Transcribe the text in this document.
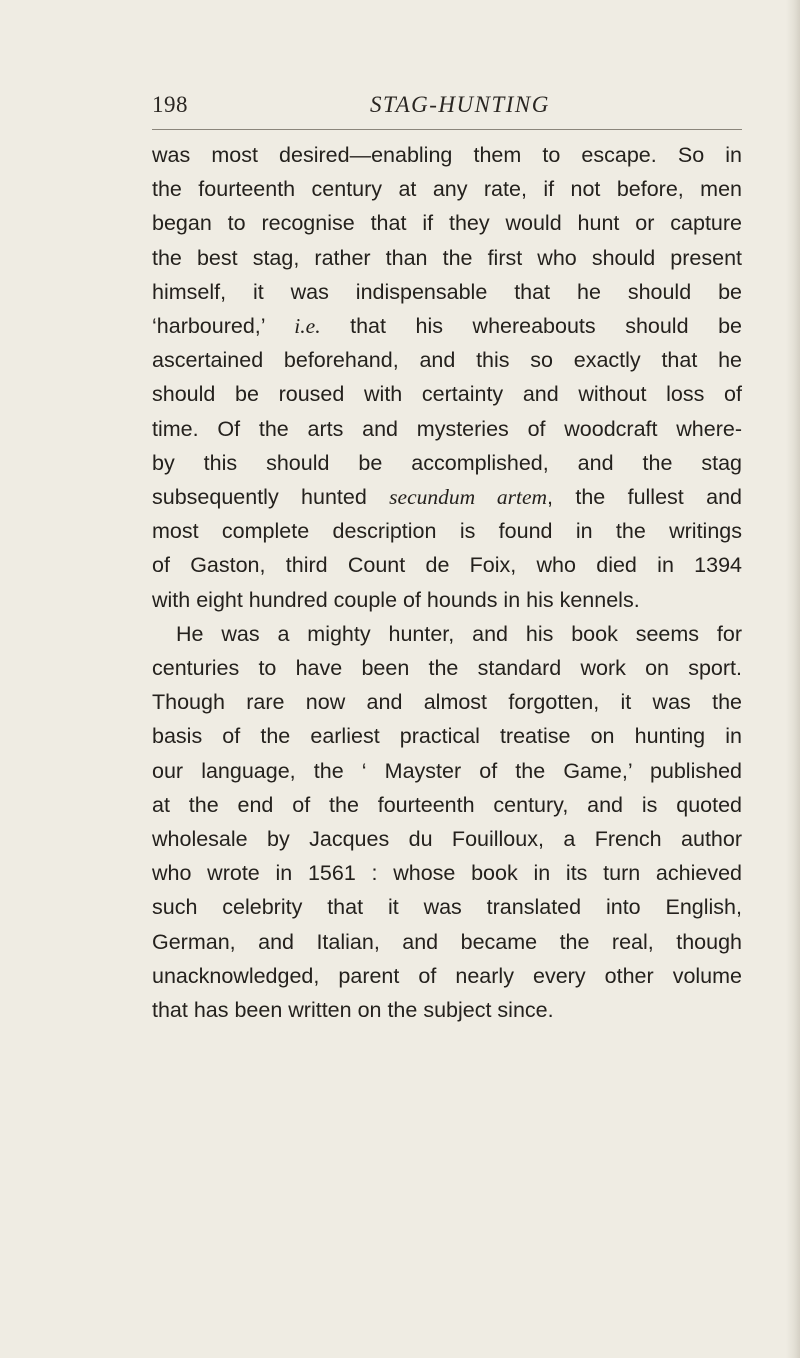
198	STAG-HUNTING

was most desired—enabling them to escape. So in

the fourteenth century at any rate, if not before, men

began to recognise that if they would hunt or capture

the best stag, rather than the first who should present

himself, it was indispensable that he should be

‘harboured,’ i.e. that his whereabouts should be

ascertained beforehand, and this so exactly that he

should be roused with certainty and without loss of

time. Of the arts and mysteries of woodcraft where-

by this should be accomplished, and the stag

subsequently hunted secundum artem, the fullest and

most complete description is found in the writings

of Gaston, third Count de Foix, who died in 1394

with eight hundred couple of hounds in his kennels.

He was a mighty hunter, and his book seems for

centuries to have been the standard work on sport.

Though rare now and almost forgotten, it was the

basis of the earliest practical treatise on hunting in

our language, the ‘ Mayster of the Game,’ published

at the end of the fourteenth century, and is quoted

wholesale by Jacques du Fouilloux, a French author

who wrote in 1561 : whose book in its turn achieved

such celebrity that it was translated into English,

German, and Italian, and became the real, though

unacknowledged, parent of nearly every other volume

that has been written on the subject since.
